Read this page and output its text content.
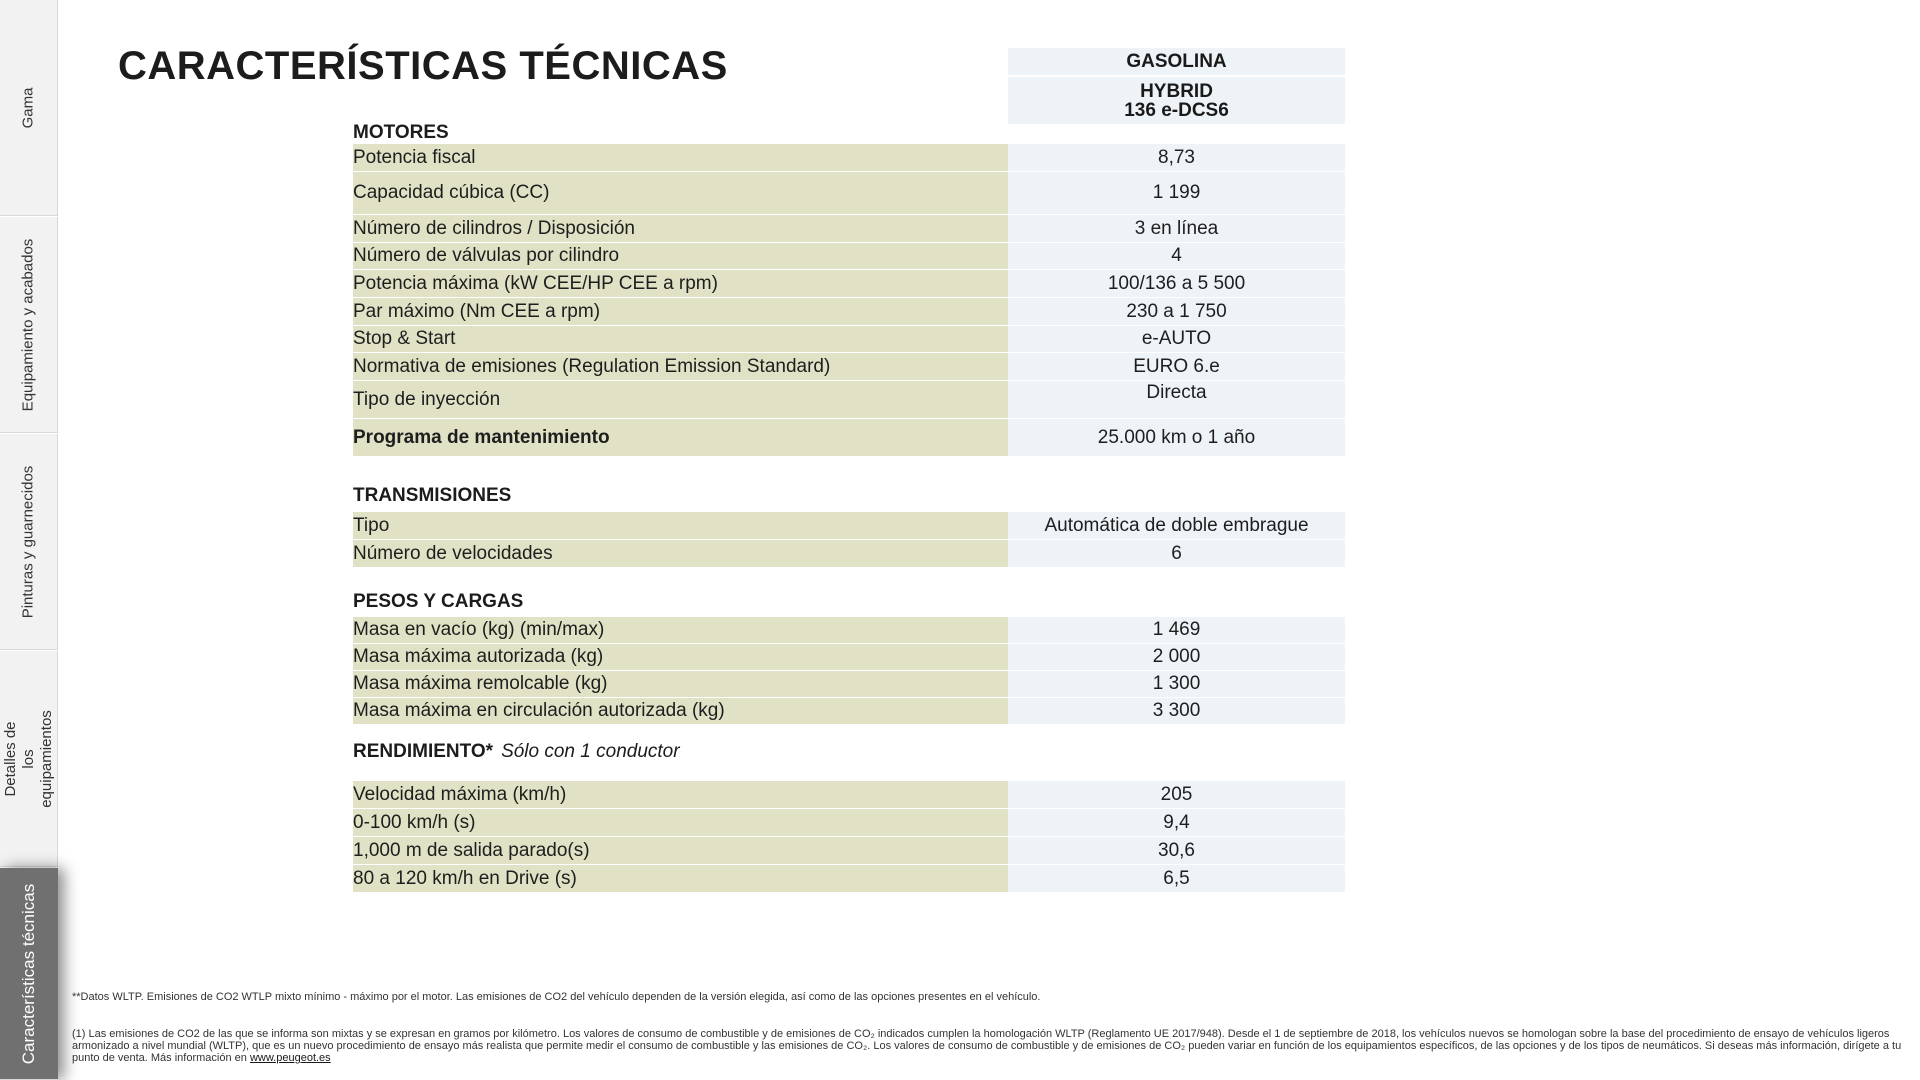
Gama
Equipamiento y acabados
Pinturas y guarnecidos
Detalles de los equipamientos
Características técnicas
CARACTERÍSTICAS TÉCNICAS	GASOLINA
HYBRID
136 e-DCS6
MOTORES
Potencia fiscal	8,73
Capacidad cúbica (CC)	1 199
Número de cilindros / Disposición	3 en línea
Número de válvulas por cilindro	4
Potencia máxima (kW CEE/HP CEE a rpm)	100/136 a 5 500
Par máximo (Nm CEE a rpm)	230 a 1 750
Stop & Start	e-AUTO
Normativa de emisiones (Regulation Emission Standard)	EURO 6.e
Tipo de inyección	Directa
Programa de mantenimiento	25.000 km o 1 año
TRANSMISIONES
Tipo	Automática de doble embrague
Número de velocidades	6
PESOS Y CARGAS
Masa en vacío (kg) (min/max)	1 469
Masa máxima autorizada (kg)	2 000
Masa máxima remolcable (kg)	1 300
Masa máxima en circulación autorizada (kg)	3 300
RENDIMIENTO* Sólo con 1 conductor
Velocidad máxima (km/h)	205
0-100 km/h (s)	9,4
1,000 m de salida parado(s)	30,6
80 a 120 km/h en Drive (s)	6,5

**Datos WLTP. Emisiones de CO2 WTLP mixto mínimo - máximo por el motor. Las emisiones de CO2 del vehículo dependen de la versión elegida, así como de las opciones presentes en el vehículo.

(1) Las emisiones de CO2 de las que se informa son mixtas y se expresan en gramos por kilómetro. Los valores de consumo de combustible y de emisiones de CO₂ indicados cumplen la homologación WLTP (Reglamento UE 2017/948). Desde el 1 de septiembre de 2018, los vehículos nuevos se homologan sobre la base del procedimiento de ensayo de vehículos ligeros armonizado a nivel mundial (WLTP), que es un nuevo procedimiento de ensayo más realista que permite medir el consumo de combustible y las emisiones de CO₂. Los valores de consumo de combustible y de emisiones de CO₂ pueden variar en función de los equipamientos específicos, de las opciones y de los tipos de neumáticos. Si deseas más información, dirígete a tu punto de venta. Más información en www.peugeot.es
